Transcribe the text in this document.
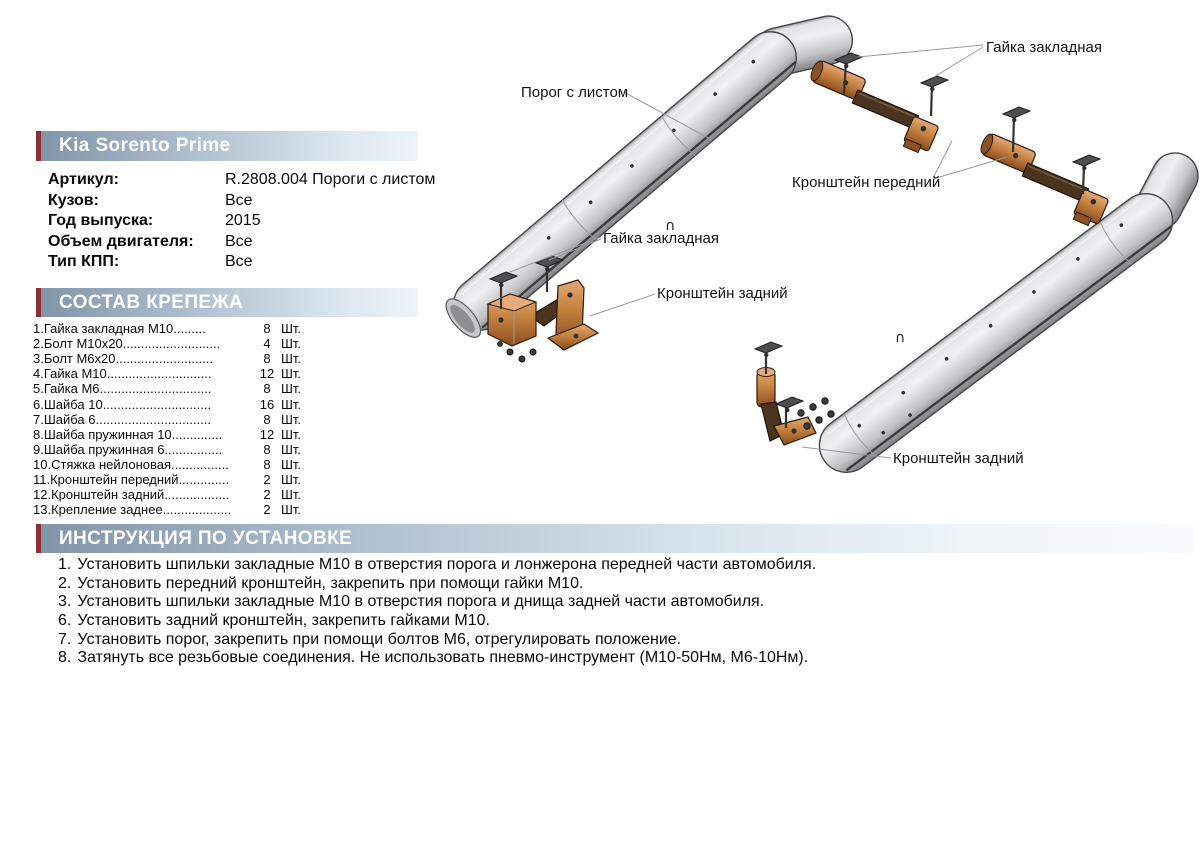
Kia Sorento Prime
Артикул:	R.2808.004 Пороги с листом
Кузов:	Все
Год выпуска:	2015
Объем двигателя:	Все
Тип КПП:	Все
СОСТАВ КРЕПЕЖА
1.Гайка закладная М10.........	8 Шт.
2.Болт М10х20...........................	4 Шт.
3.Болт М6х20...........................	8 Шт.
4.Гайка М10.............................	12 Шт.
5.Гайка М6...............................	8 Шт.
6.Шайба 10..............................	16 Шт.
7.Шайба 6................................	8 Шт.
8.Шайба пружинная 10..............	12 Шт.
9.Шайба пружинная 6................	8 Шт.
10.Стяжка нейлоновая................	8 Шт.
11.Кронштейн передний..............	2 Шт.
12.Кронштейн задний..................	2 Шт.
13.Крепление заднее...................	2 Шт.
ИНСТРУКЦИЯ ПО УСТАНОВКЕ
1. Установить шпильки закладные М10 в отверстия порога и лонжерона передней части автомобиля.
2. Установить передний кронштейн, закрепить при помощи гайки М10.
3. Установить шпильки закладные М10 в отверстия порога и днища задней части автомобиля.
6. Установить задний кронштейн, закрепить гайками М10.
7. Установить порог, закрепить при помощи болтов М6, отрегулировать положение.
8. Затянуть все резьбовые соединения. Не использовать пневмо-инструмент (М10-50Нм, М6-10Нм).
Гайка закладная
Порог с листом
Кронштейн передний
Гайка закладная
Кронштейн задний
Кронштейн задний
∩
∩
